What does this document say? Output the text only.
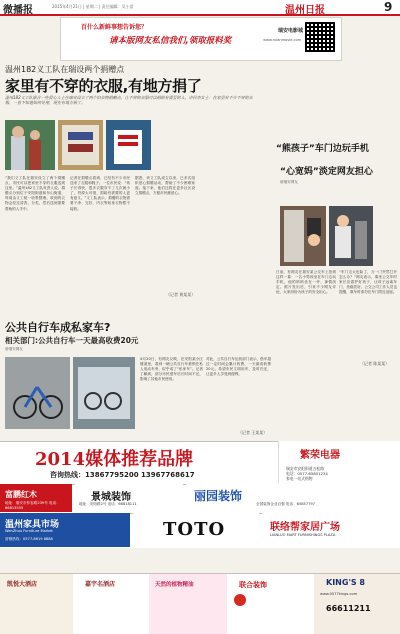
微播报	2015年4月21日 | 星期二 | 责任编辑：吴小雷	温州日报	9
百什么新鲜事想告诉您？
请本版网友私信我们,领取报料奖
瑞安电影城
www.ruianmovie.com
温州182义工队在瑞设两个捐赠点
家里有不穿的衣服,有地方捐了
温州182义工队联合一些爱心人士在瑞安设立了两个旧衣物捐赠点，让不穿的衣服可以捐给有需要的人。市民李女士：在家里有不少不穿的衣服，一直不知道如何处理，现在有地方捐了。
“我们义工队在瑞安设立了两个捐赠点，市民可以把家里不穿的衣服送到这里。”温州182义工队负责人说。捐赠点分别位于安阳街道和东山街道，每周由义工统一收集整理。收到的衣物会经过清洗、分类，然后送到需要帮助的人手中。
记者在捐赠点看到，已经有不少市民送来了衣服和鞋子。一位市民说：“孩子长得快，很多衣服穿不了几次就小了，扔掉太可惜，捐给有需要的人更有意义。”义工队表示，捐赠的衣物需要干净、完好，内衣等贴身衣物暂不接收。
据悉，该义工队成立以来，已多次组织爱心捐赠活动，帮助了不少困难家庭。接下来，他们还将在更多社区设立捐赠点，方便市民献爱心。
（记者 黄某某）
“熊孩子”车门边玩手机
“心宽妈”淡定网友担心
@瑞安网友
日前，有网友在瑞安某公交车上拍到这样一幕：一名小男孩坐在车门边玩手机，他的妈妈坐在一旁，神情淡定。照片发出后，引来不少网友评论，大家纷纷为孩子的安全担心。
“车门边太危险了，万一门突然打开怎么办？”网友表示，乘坐公交车时家长应看护好孩子，让孩子远离车门，坐稳扶好。公交公司工作人员也提醒，乘车时请勿在车门附近逗留。
（记者 陈某某）
公共自行车成私家车?
相关部门:公共自行车一天最高收费20元
@瑞安网友
4月20日，有网友反映，在安阳某小区楼道里，看到一辆公共自行车被锁在私人电动车旁，似乎成了“私家车”。记者了解到，部分市民借车后长时间不还，影响了其他市民使用。
对此，公共自行车运营部门表示，借车超过一定时间会累计收费，一天最高收费20元。希望市民文明用车，及时归还，让更多人享受到便利。
（记者 王某某）
2014媒体推荐品牌
咨询热线：13867795200 13967768617
繁荣电器
瑞安市安阳街道万松路
电话：0577-65801234
家电一站式购物
富鹏红木
地址：瑞安市仲容路239号 电话：66813555
景城装饰
地址：安阳路2号 电话：66818111
丽园装饰
全国装饰企业百强 电话：65857797
温州家具市场
WenZhou Furniture Market
营销热线：0577-8619 8888	TOTO	联络帮家居广场
LIANLUO MART FURNISHINGS PLAZA
凯悦大酒店	嘉宇名酒店	天然的植物精油	联合装饰	KING'S 8
www.0577kings.com
66611211
